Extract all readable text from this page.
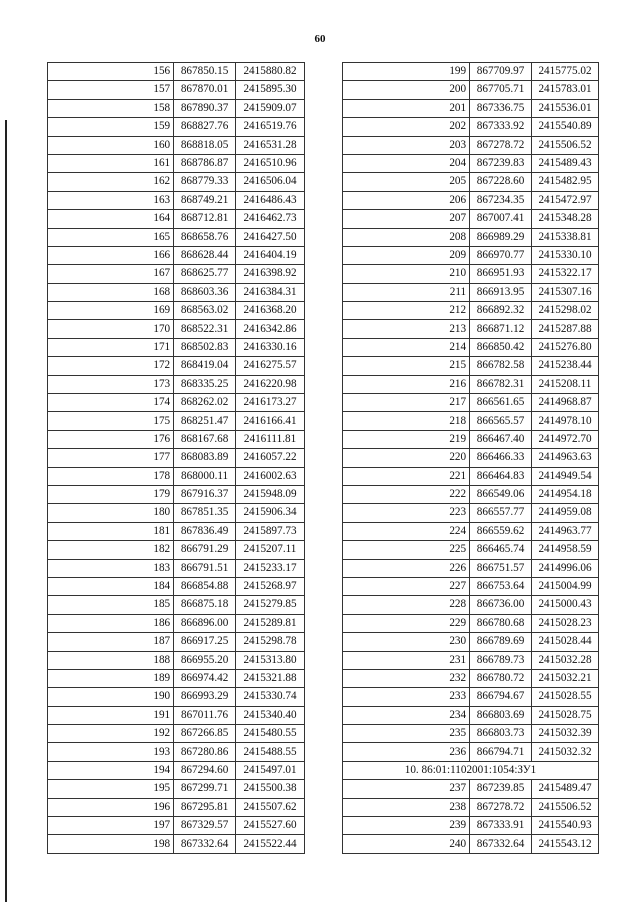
60
156	867850.15	2415880.82
157	867870.01	2415895.30
158	867890.37	2415909.07
159	868827.76	2416519.76
160	868818.05	2416531.28
161	868786.87	2416510.96
162	868779.33	2416506.04
163	868749.21	2416486.43
164	868712.81	2416462.73
165	868658.76	2416427.50
166	868628.44	2416404.19
167	868625.77	2416398.92
168	868603.36	2416384.31
169	868563.02	2416368.20
170	868522.31	2416342.86
171	868502.83	2416330.16
172	868419.04	2416275.57
173	868335.25	2416220.98
174	868262.02	2416173.27
175	868251.47	2416166.41
176	868167.68	2416111.81
177	868083.89	2416057.22
178	868000.11	2416002.63
179	867916.37	2415948.09
180	867851.35	2415906.34
181	867836.49	2415897.73
182	866791.29	2415207.11
183	866791.51	2415233.17
184	866854.88	2415268.97
185	866875.18	2415279.85
186	866896.00	2415289.81
187	866917.25	2415298.78
188	866955.20	2415313.80
189	866974.42	2415321.88
190	866993.29	2415330.74
191	867011.76	2415340.40
192	867266.85	2415480.55
193	867280.86	2415488.55
194	867294.60	2415497.01
195	867299.71	2415500.38
196	867295.81	2415507.62
197	867329.57	2415527.60
198	867332.64	2415522.44
199	867709.97	2415775.02
200	867705.71	2415783.01
201	867336.75	2415536.01
202	867333.92	2415540.89
203	867278.72	2415506.52
204	867239.83	2415489.43
205	867228.60	2415482.95
206	867234.35	2415472.97
207	867007.41	2415348.28
208	866989.29	2415338.81
209	866970.77	2415330.10
210	866951.93	2415322.17
211	866913.95	2415307.16
212	866892.32	2415298.02
213	866871.12	2415287.88
214	866850.42	2415276.80
215	866782.58	2415238.44
216	866782.31	2415208.11
217	866561.65	2414968.87
218	866565.57	2414978.10
219	866467.40	2414972.70
220	866466.33	2414963.63
221	866464.83	2414949.54
222	866549.06	2414954.18
223	866557.77	2414959.08
224	866559.62	2414963.77
225	866465.74	2414958.59
226	866751.57	2414996.06
227	866753.64	2415004.99
228	866736.00	2415000.43
229	866780.68	2415028.23
230	866789.69	2415028.44
231	866789.73	2415032.28
232	866780.72	2415032.21
233	866794.67	2415028.55
234	866803.69	2415028.75
235	866803.73	2415032.39
236	866794.71	2415032.32
10. 86:01:1102001:1054:ЗУ1		
237	867239.85	2415489.47
238	867278.72	2415506.52
239	867333.91	2415540.93
240	867332.64	2415543.12
